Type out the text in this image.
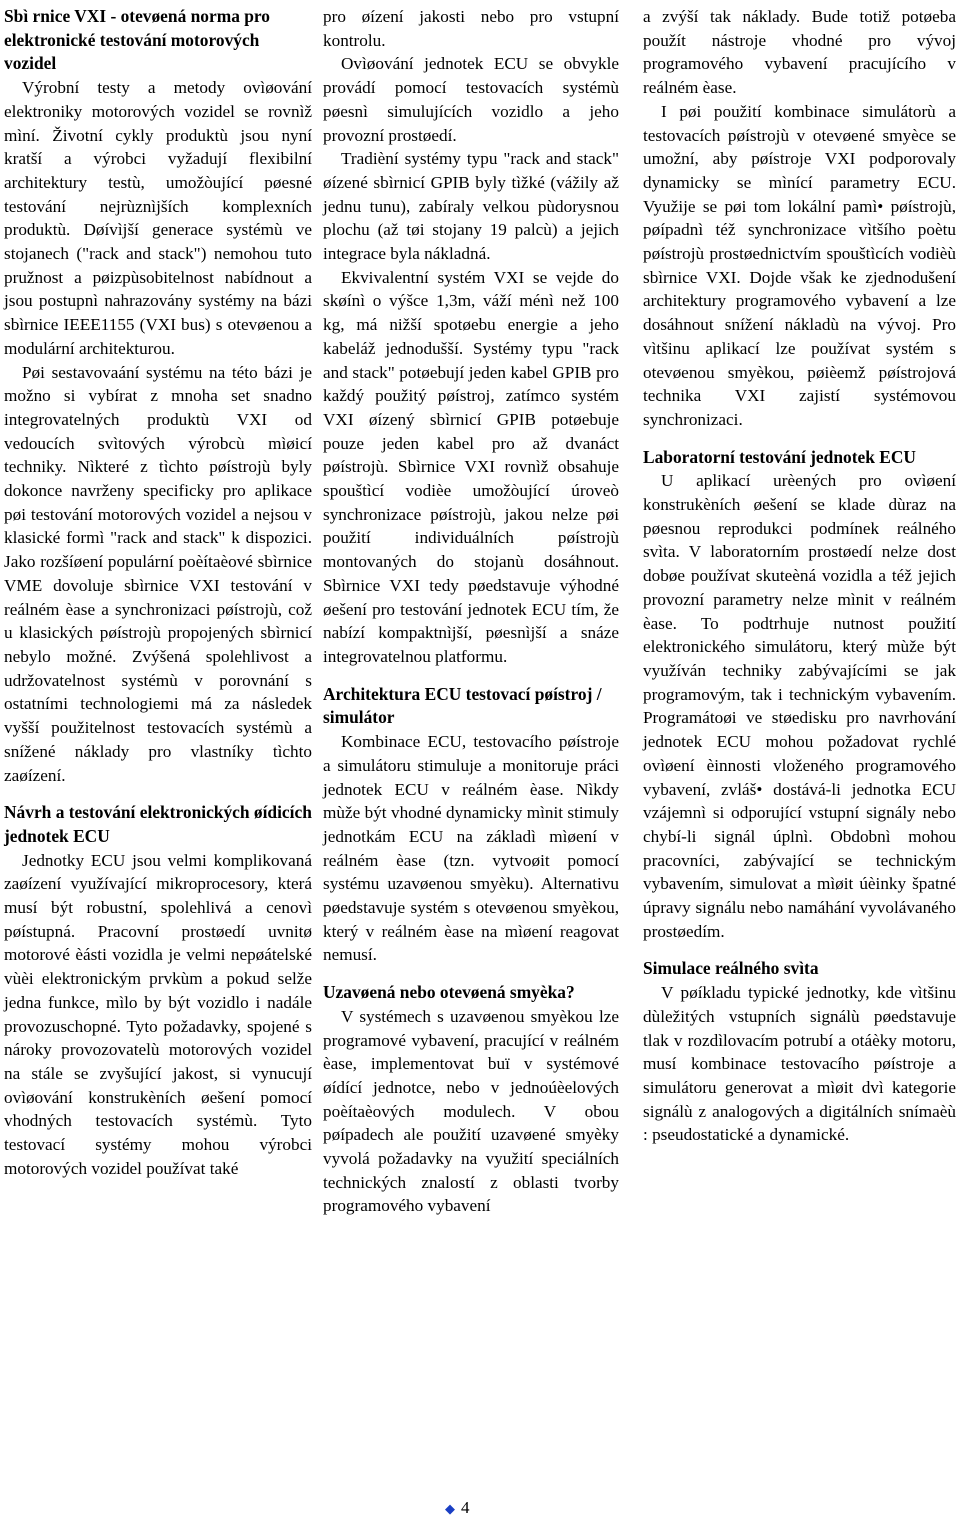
Sbì rnice VXI - otevøená norma pro elektronické testování motorových vozidel

Výrobní testy a metody ovìøování elektroniky motorových vozidel se rovnìž mìní. Životní cykly produktù jsou nyní kratší a výrobci vyžadují flexibilní architektury testù, umožòující pøesné testování nejrùznìjších komplexních produktù. Døívìjší generace systémù ve stojanech ("rack and stack") nemohou tuto pružnost a pøizpùsobitelnost nabídnout a jsou postupnì nahrazovány systémy na bázi sbìrnice IEEE1155 (VXI bus) s otevøenou a modulární architekturou.

Pøi sestavovaání systému na této bázi je možno si vybírat z mnoha set snadno integrovatelných produktù VXI od vedoucích svìtových výrobcù mìøicí techniky. Nìkteré z tìchto pøístrojù byly dokonce navrženy specificky pro aplikace pøi testování motorových vozidel a nejsou v klasické formì "rack and stack" k dispozici. Jako rozšíøení populární poèítaèové sbìrnice VME dovoluje sbìrnice VXI testování v reálném èase a synchronizaci pøístrojù, což u klasických pøístrojù propojených sbìrnicí nebylo možné. Zvýšená spolehlivost a udržovatelnost systémù v porovnání s ostatními technologiemi má za následek vyšší použitelnost testovacích systémù a snížené náklady pro vlastníky tìchto zaøízení.

Návrh a testování elektronických øídicích jednotek ECU

Jednotky ECU jsou velmi komplikovaná zaøízení využívající mikroprocesory, která musí být robustní, spolehlivá a cenovì pøístupná. Pracovní prostøedí uvnitø motorové èásti vozidla je velmi nepøátelské vùèi elektronickým prvkùm a pokud selže jedna funkce, mìlo by být vozidlo i nadále provozuschopné. Tyto požadavky, spojené s nároky provozovatelù motorových vozidel na stále se zvyšující jakost, si vynucují ovìøování konstrukèních øešení pomocí vhodných testovacích systémù. Tyto testovací systémy mohou výrobci motorových vozidel používat také

pro øízení jakosti nebo pro vstupní kontrolu.

Ovìøování jednotek ECU se obvykle provádí pomocí testovacích systémù pøesnì simulujících vozidlo a jeho provozní prostøedí.

Tradièní systémy typu "rack and stack" øízené sbìrnicí GPIB byly tìžké (vážily až jednu tunu), zabíraly velkou pùdorysnou plochu (až tøi stojany 19 palcù) a jejich integrace byla nákladná.

Ekvivalentní systém VXI se vejde do skøínì o výšce 1,3m, váží ménì než 100 kg, má nižší spotøebu energie a jeho kabeláž jednodušší. Systémy typu "rack and stack" potøebují jeden kabel GPIB pro každý použitý pøístroj, zatímco systém VXI øízený sbìrnicí GPIB potøebuje pouze jeden kabel pro až dvanáct pøístrojù. Sbìrnice VXI rovnìž obsahuje spouštìcí vodièe umožòující úroveò synchronizace pøístrojù, jakou nelze pøi použití individuálních pøístrojù montovaných do stojanù dosáhnout. Sbìrnice VXI tedy pøedstavuje výhodné øešení pro testování jednotek ECU tím, že nabízí kompaktnìjší, pøesnìjší a snáze integrovatelnou platformu.

Architektura ECU testovací pøístroj / simulátor

Kombinace ECU, testovacího pøístroje a simulátoru stimuluje a monitoruje práci jednotek ECU v reálném èase. Nìkdy mùže být vhodné dynamicky mìnit stimuly jednotkám ECU na základì mìøení v reálném èase (tzn. vytvoøit pomocí systému uzavøenou smyèku). Alternativu pøedstavuje systém s otevøenou smyèkou, který v reálném èase na mìøení reagovat nemusí.

Uzavøená nebo otevøená smyèka?

V systémech s uzavøenou smyèkou lze programové vybavení, pracující v reálném èase, implementovat buï v systémové øídící jednotce, nebo v jednoúèelových poèítaèových modulech. V obou pøípadech ale použití uzavøené smyèky vyvolá požadavky na využití speciálních technických znalostí z oblasti tvorby programového vybavení

a zvýší tak náklady. Bude totiž potøeba použít nástroje vhodné pro vývoj programového vybavení pracujícího v reálném èase.

I pøi použití kombinace simulátorù a testovacích pøístrojù v otevøené smyèce se umožní, aby pøístroje VXI podporovaly dynamicky se mìnící parametry ECU. Využije se pøi tom lokální pamì• pøístrojù, pøípadnì též synchronizace vìtšího poètu pøístrojù prostøednictvím spouštìcích vodièù sbìrnice VXI. Dojde však ke zjednodušení architektury programového vybavení a lze dosáhnout snížení nákladù na vývoj. Pro vìtšinu aplikací lze používat systém s otevøenou smyèkou, pøièemž pøístrojová technika VXI zajistí systémovou synchronizaci.

Laboratorní testování jednotek ECU

U aplikací urèených pro ovìøení konstrukèních øešení se klade dùraz na pøesnou reprodukci podmínek reálného svìta. V laboratorním prostøedí nelze dost dobøe používat skuteèná vozidla a též jejich provozní parametry nelze mìnit v reálném èase. To podtrhuje nutnost použití elektronického simulátoru, který mùže být využíván techniky zabývajícími se jak programovým, tak i technickým vybavením. Programátoøi ve støedisku pro navrhování jednotek ECU mohou požadovat rychlé ovìøení èinnosti vloženého programového vybavení, zvláš• dostává-li jednotka ECU vzájemnì si odporující vstupní signály nebo chybí-li signál úplnì. Obdobnì mohou pracovníci, zabývající se technickým vybavením, simulovat a mìøit úèinky špatné úpravy signálu nebo namáhání vyvolávaného prostøedím.

Simulace reálného svìta

V pøíkladu typické jednotky, kde vìtšinu dùležitých vstupních signálù pøedstavuje tlak v rozdìlovacím potrubí a otáèky motoru, musí kombinace testovacího pøístroje a simulátoru generovat a mìøit dvì kategorie signálù z analogových a digitálních snímaèù : pseudostatické a dynamické.

◆ 4
